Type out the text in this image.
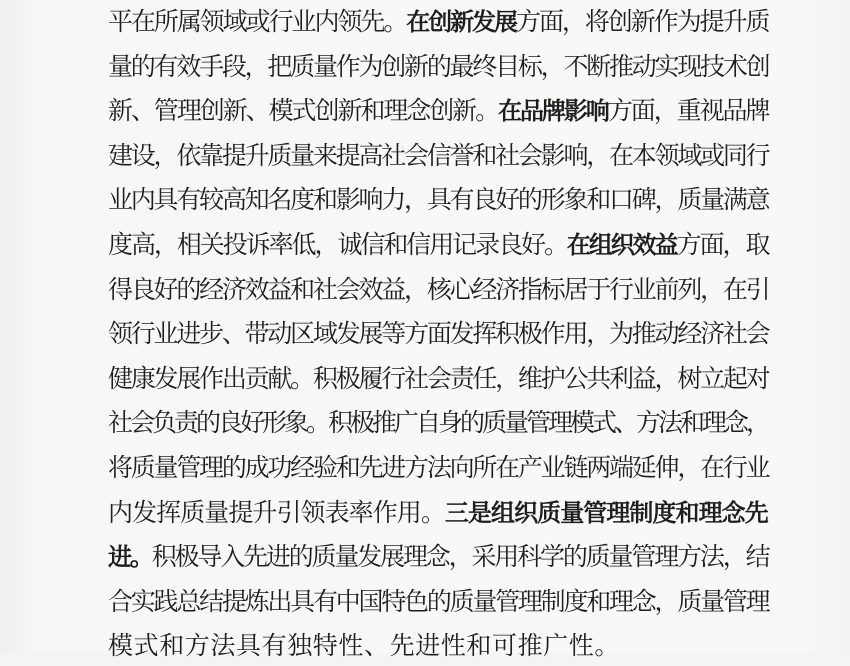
平在所属领域或行业内领先。在创新发展方面，将创新作为提升质
量的有效手段，把质量作为创新的最终目标，不断推动实现技术创
新、管理创新、模式创新和理念创新。在品牌影响方面，重视品牌
建设，依靠提升质量来提高社会信誉和社会影响，在本领域或同行
业内具有较高知名度和影响力，具有良好的形象和口碑，质量满意
度高，相关投诉率低，诚信和信用记录良好。在组织效益方面，取
得良好的经济效益和社会效益，核心经济指标居于行业前列，在引
领行业进步、带动区域发展等方面发挥积极作用，为推动经济社会
健康发展作出贡献。积极履行社会责任，维护公共利益，树立起对
社会负责的良好形象。积极推广自身的质量管理模式、方法和理念，
将质量管理的成功经验和先进方法向所在产业链两端延伸，在行业
内发挥质量提升引领表率作用。三是组织质量管理制度和理念先
进。积极导入先进的质量发展理念，采用科学的质量管理方法，结
合实践总结提炼出具有中国特色的质量管理制度和理念，质量管理
模式和方法具有独特性、先进性和可推广性。
